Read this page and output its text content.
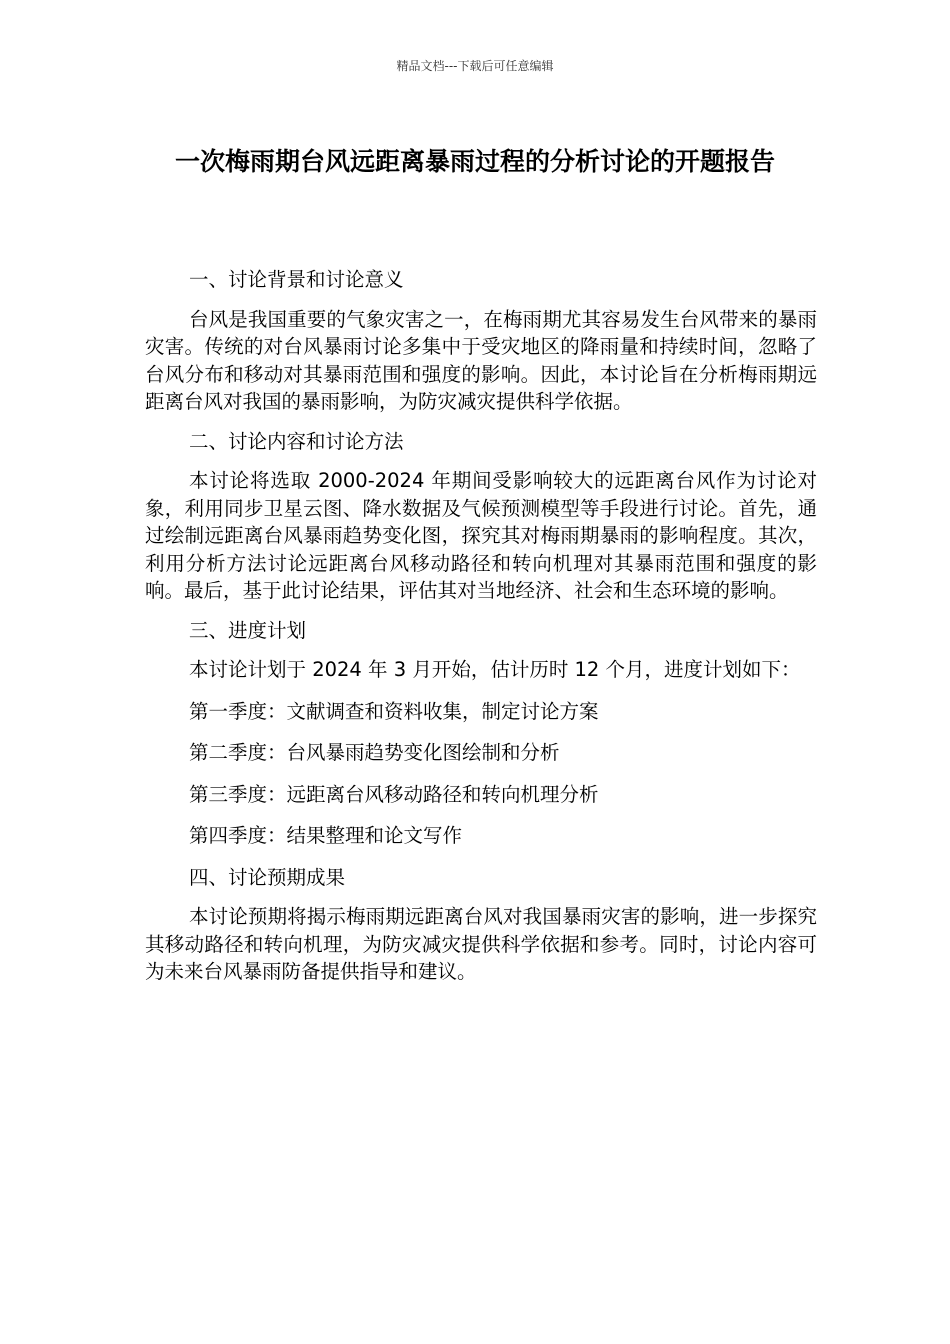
精品文档---下载后可任意编辑
一次梅雨期台风远距离暴雨过程的分析讨论的开题报告

一、讨论背景和讨论意义

台风是我国重要的气象灾害之一，在梅雨期尤其容易发生台风带来的暴雨灾害。传统的对台风暴雨讨论多集中于受灾地区的降雨量和持续时间，忽略了台风分布和移动对其暴雨范围和强度的影响。因此，本讨论旨在分析梅雨期远距离台风对我国的暴雨影响，为防灾减灾提供科学依据。

二、讨论内容和讨论方法

本讨论将选取 2000-2024 年期间受影响较大的远距离台风作为讨论对象，利用同步卫星云图、降水数据及气候预测模型等手段进行讨论。首先，通过绘制远距离台风暴雨趋势变化图，探究其对梅雨期暴雨的影响程度。其次，利用分析方法讨论远距离台风移动路径和转向机理对其暴雨范围和强度的影响。最后，基于此讨论结果，评估其对当地经济、社会和生态环境的影响。

三、进度计划

本讨论计划于 2024 年 3 月开始，估计历时 12 个月，进度计划如下：

第一季度：文献调查和资料收集，制定讨论方案

第二季度：台风暴雨趋势变化图绘制和分析

第三季度：远距离台风移动路径和转向机理分析

第四季度：结果整理和论文写作

四、讨论预期成果

本讨论预期将揭示梅雨期远距离台风对我国暴雨灾害的影响，进一步探究其移动路径和转向机理，为防灾减灾提供科学依据和参考。同时，讨论内容可为未来台风暴雨防备提供指导和建议。
